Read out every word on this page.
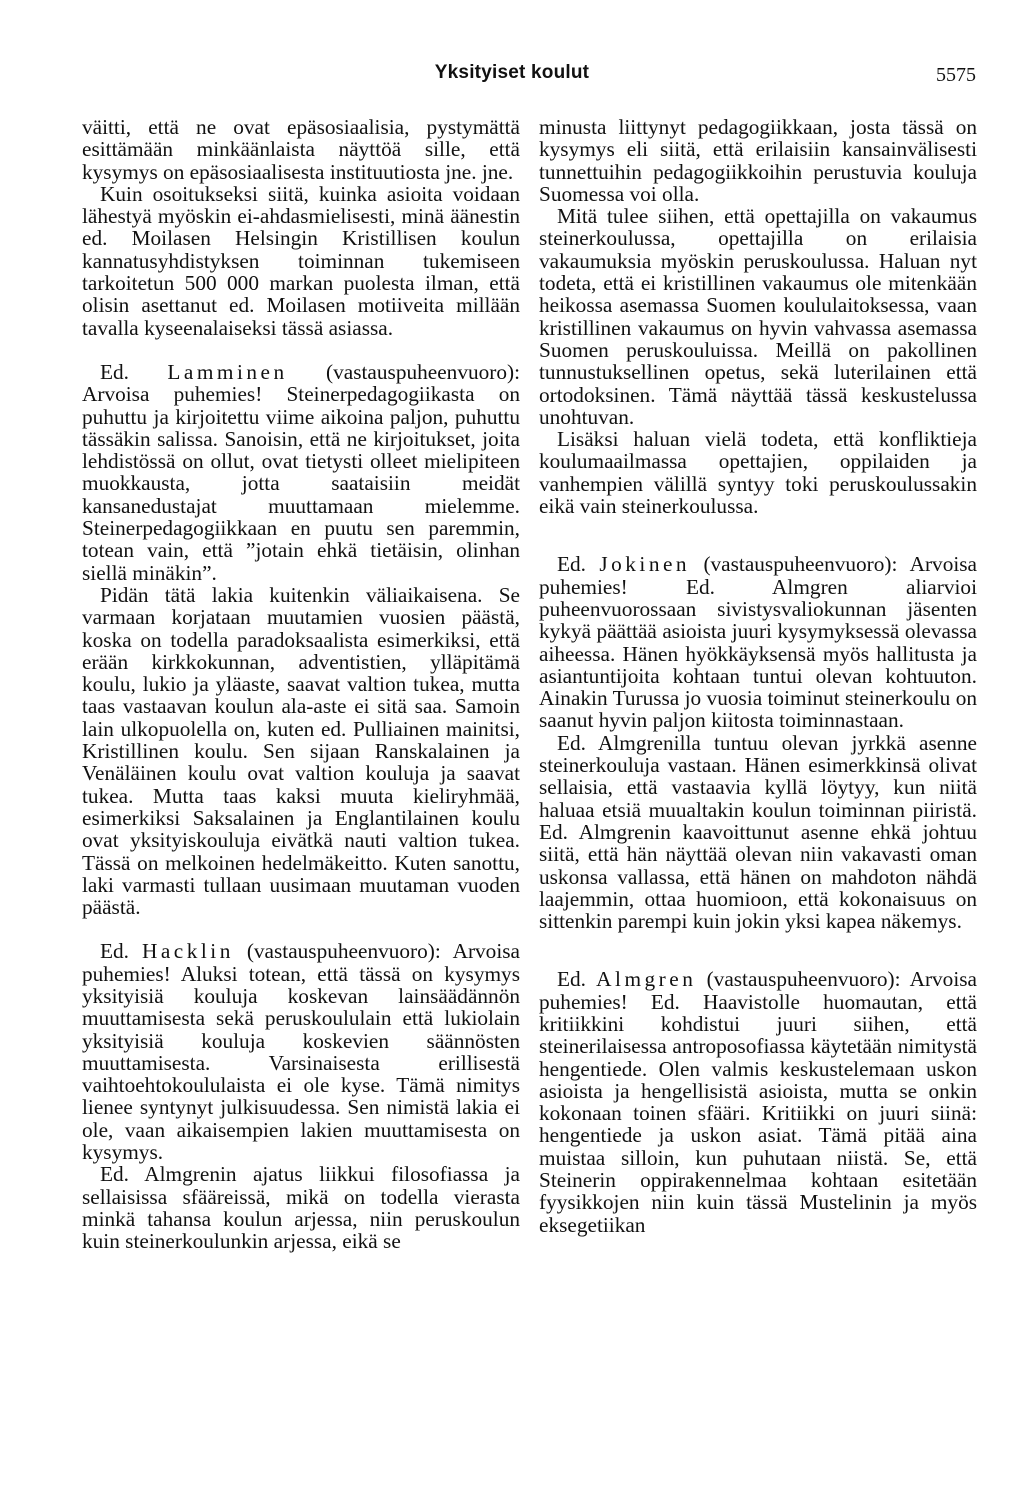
Yksityiset koulut	5575

väitti, että ne ovat epäsosiaalisia, pystymättä esittämään minkäänlaista näyttöä sille, että kysymys on epäsosiaalisesta instituutiosta jne. jne.

Kuin osoitukseksi siitä, kuinka asioita voidaan lähestyä myöskin ei-ahdasmielisesti, minä äänestin ed. Moilasen Helsingin Kristillisen koulun kannatusyhdistyksen toiminnan tukemiseen tarkoitetun 500 000 markan puolesta ilman, että olisin asettanut ed. Moilasen motiiveita millään tavalla kyseenalaiseksi tässä asiassa.

Ed. Lamminen (vastauspuheenvuoro): Arvoisa puhemies! Steinerpedagogiikasta on puhuttu ja kirjoitettu viime aikoina paljon, puhuttu tässäkin salissa. Sanoisin, että ne kirjoitukset, joita lehdistössä on ollut, ovat tietysti olleet mielipiteen muokkausta, jotta saataisiin meidät kansanedustajat muuttamaan mielemme. Steinerpedagogiikkaan en puutu sen paremmin, totean vain, että ”jotain ehkä tietäisin, olinhan siellä minäkin”.

Pidän tätä lakia kuitenkin väliaikaisena. Se varmaan korjataan muutamien vuosien päästä, koska on todella paradoksaalista esimerkiksi, että erään kirkkokunnan, adventistien, ylläpitämä koulu, lukio ja yläaste, saavat valtion tukea, mutta taas vastaavan koulun ala-aste ei sitä saa. Samoin lain ulkopuolella on, kuten ed. Pulliainen mainitsi, Kristillinen koulu. Sen sijaan Ranskalainen ja Venäläinen koulu ovat valtion kouluja ja saavat tukea. Mutta taas kaksi muuta kieliryhmää, esimerkiksi Saksalainen ja Englantilainen koulu ovat yksityiskouluja eivätkä nauti valtion tukea. Tässä on melkoinen hedelmäkeitto. Kuten sanottu, laki varmasti tullaan uusimaan muutaman vuoden päästä.

Ed. Hacklin (vastauspuheenvuoro): Arvoisa puhemies! Aluksi totean, että tässä on kysymys yksityisiä kouluja koskevan lainsäädännön muuttamisesta sekä peruskoululain että lukiolain yksityisiä kouluja koskevien säännösten muuttamisesta. Varsinaisesta erillisestä vaihtoehtokoululaista ei ole kyse. Tämä nimitys lienee syntynyt julkisuudessa. Sen nimistä lakia ei ole, vaan aikaisempien lakien muuttamisesta on kysymys.

Ed. Almgrenin ajatus liikkui filosofiassa ja sellaisissa sfääreissä, mikä on todella vierasta minkä tahansa koulun arjessa, niin peruskoulun kuin steinerkoulunkin arjessa, eikä se

minusta liittynyt pedagogiikkaan, josta tässä on kysymys eli siitä, että erilaisiin kansainvälisesti tunnettuihin pedagogiikkoihin perustuvia kouluja Suomessa voi olla.

Mitä tulee siihen, että opettajilla on vakaumus steinerkoulussa, opettajilla on erilaisia vakaumuksia myöskin peruskoulussa. Haluan nyt todeta, että ei kristillinen vakaumus ole mitenkään heikossa asemassa Suomen koululaitoksessa, vaan kristillinen vakaumus on hyvin vahvassa asemassa Suomen peruskouluissa. Meillä on pakollinen tunnustuksellinen opetus, sekä luterilainen että ortodoksinen. Tämä näyttää tässä keskustelussa unohtuvan.

Lisäksi haluan vielä todeta, että konfliktieja koulumaailmassa opettajien, oppilaiden ja vanhempien välillä syntyy toki peruskoulussakin eikä vain steinerkoulussa.

Ed. Jokinen (vastauspuheenvuoro): Arvoisa puhemies! Ed. Almgren aliarvioi puheenvuorossaan sivistysvaliokunnan jäsenten kykyä päättää asioista juuri kysymyksessä olevassa aiheessa. Hänen hyökkäyksensä myös hallitusta ja asiantuntijoita kohtaan tuntui olevan kohtuuton. Ainakin Turussa jo vuosia toiminut steinerkoulu on saanut hyvin paljon kiitosta toiminnastaan.

Ed. Almgrenilla tuntuu olevan jyrkkä asenne steinerkouluja vastaan. Hänen esimerkkinsä olivat sellaisia, että vastaavia kyllä löytyy, kun niitä haluaa etsiä muualtakin koulun toiminnan piiristä. Ed. Almgrenin kaavoittunut asenne ehkä johtuu siitä, että hän näyttää olevan niin vakavasti oman uskonsa vallassa, että hänen on mahdoton nähdä laajemmin, ottaa huomioon, että kokonaisuus on sittenkin parempi kuin jokin yksi kapea näkemys.

Ed. Almgren (vastauspuheenvuoro): Arvoisa puhemies! Ed. Haavistolle huomautan, että kritiikkini kohdistui juuri siihen, että steinerilaisessa antroposofiassa käytetään nimitystä hengentiede. Olen valmis keskustelemaan uskon asioista ja hengellisistä asioista, mutta se onkin kokonaan toinen sfääri. Kritiikki on juuri siinä: hengentiede ja uskon asiat. Tämä pitää aina muistaa silloin, kun puhutaan niistä. Se, että Steinerin oppirakennelmaa kohtaan esitetään fyysikkojen niin kuin tässä Mustelinin ja myös eksegetiikan
